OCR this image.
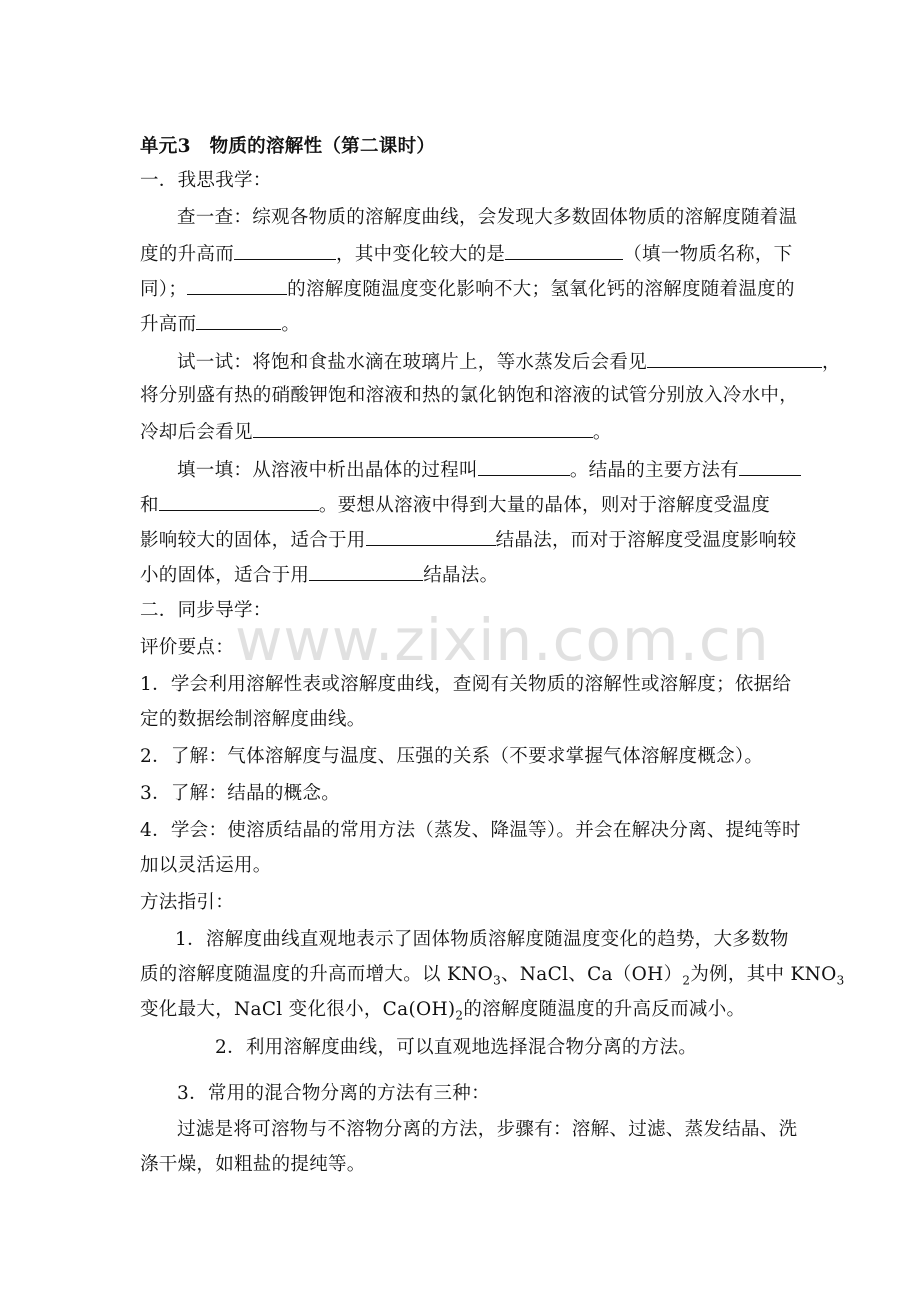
www.zixin.com.cn
单元3　物质的溶解性（第二课时）
一．我思我学：
查一查：综观各物质的溶解度曲线，会发现大多数固体物质的溶解度随着温
度的升高而	，其中变化较大的是	（填一物质名称，下
同）；	的溶解度随温度变化影响不大；氢氧化钙的溶解度随着温度的
升高而	。
试一试：将饱和食盐水滴在玻璃片上，等水蒸发后会看见	，
将分别盛有热的硝酸钾饱和溶液和热的氯化钠饱和溶液的试管分别放入冷水中，
冷却后会看见	。
填一填：从溶液中析出晶体的过程叫	。结晶的主要方法有
和	。要想从溶液中得到大量的晶体，则对于溶解度受温度
影响较大的固体，适合于用	结晶法，而对于溶解度受温度影响较
小的固体，适合于用	结晶法。
二．同步导学：
评价要点：
1．学会利用溶解性表或溶解度曲线，查阅有关物质的溶解性或溶解度；依据给
定的数据绘制溶解度曲线。
2．了解：气体溶解度与温度、压强的关系（不要求掌握气体溶解度概念）。
3．了解：结晶的概念。
4．学会：使溶质结晶的常用方法（蒸发、降温等）。并会在解决分离、提纯等时
加以灵活运用。
方法指引：
1．溶解度曲线直观地表示了固体物质溶解度随温度变化的趋势，大多数物
质的溶解度随温度的升高而增大。以 $KNO_3$、NaCl、$Ca(OH)_2$为例，其中 $KNO_3$
变化最大，NaCl 变化很小，$Ca(OH)_2$的溶解度随温度的升高反而减小。
2．利用溶解度曲线，可以直观地选择混合物分离的方法。
3．常用的混合物分离的方法有三种：
过滤是将可溶物与不溶物分离的方法，步骤有：溶解、过滤、蒸发结晶、洗
涤干燥，如粗盐的提纯等。
